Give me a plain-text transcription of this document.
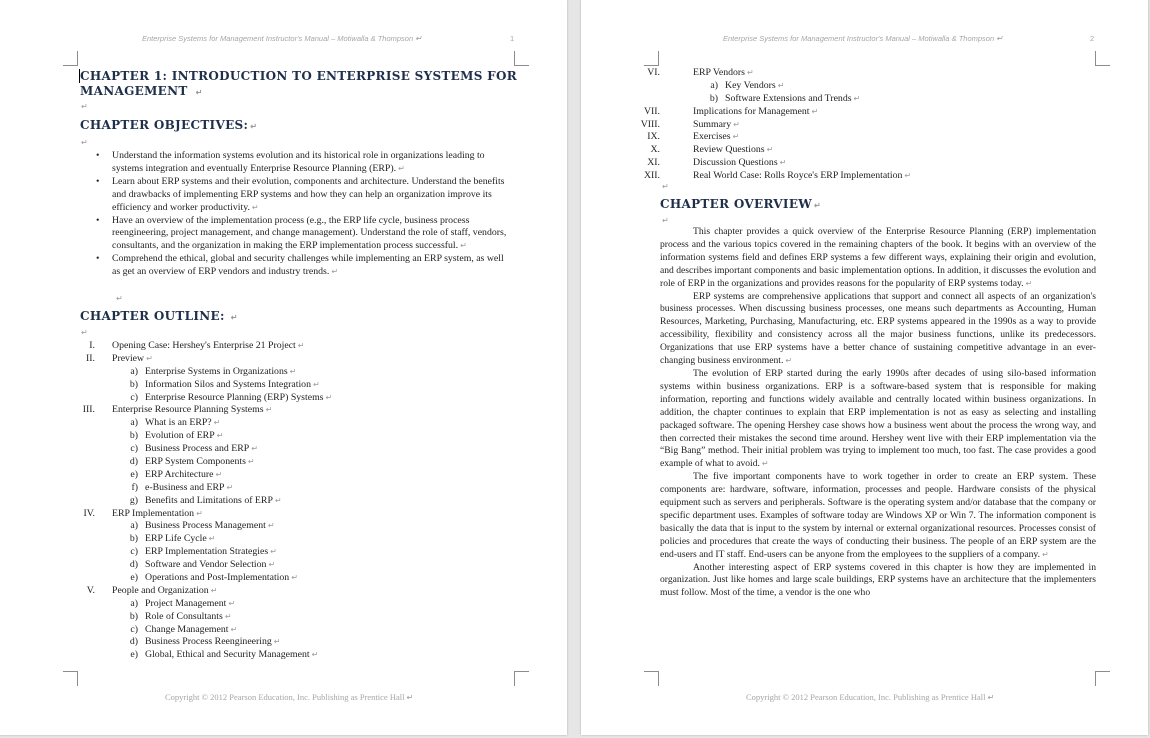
Enterprise Systems for Management Instructor's Manual – Motiwalla & Thompson ↵	1
CHAPTER 1: INTRODUCTION TO ENTERPRISE SYSTEMS FOR
MANAGEMENT ↵
↵
CHAPTER OBJECTIVES: ↵
↵
• Understand the information systems evolution and its historical role in organizations leading to systems integration and eventually Enterprise Resource Planning (ERP). ↵
• Learn about ERP systems and their evolution, components and architecture. Understand the benefits and drawbacks of implementing ERP systems and how they can help an organization improve its efficiency and worker productivity. ↵
• Have an overview of the implementation process (e.g., the ERP life cycle, business process reengineering, project management, and change management). Understand the role of staff, vendors, consultants, and the organization in making the ERP implementation process successful. ↵
• Comprehend the ethical, global and security challenges while implementing an ERP system, as well as get an overview of ERP vendors and industry trends. ↵
↵
CHAPTER OUTLINE: ↵
↵
I. Opening Case: Hershey's Enterprise 21 Project ↵
II. Preview ↵
a) Enterprise Systems in Organizations ↵
b) Information Silos and Systems Integration ↵
c) Enterprise Resource Planning (ERP) Systems ↵
III. Enterprise Resource Planning Systems ↵
a) What is an ERP? ↵
b) Evolution of ERP ↵
c) Business Process and ERP ↵
d) ERP System Components ↵
e) ERP Architecture ↵
f) e-Business and ERP ↵
g) Benefits and Limitations of ERP ↵
IV. ERP Implementation ↵
a) Business Process Management ↵
b) ERP Life Cycle ↵
c) ERP Implementation Strategies ↵
d) Software and Vendor Selection ↵
e) Operations and Post-Implementation ↵
V. People and Organization ↵
a) Project Management ↵
b) Role of Consultants ↵
c) Change Management ↵
d) Business Process Reengineering ↵
e) Global, Ethical and Security Management ↵
Copyright © 2012 Pearson Education, Inc. Publishing as Prentice Hall ↵
Enterprise Systems for Management Instructor's Manual – Motiwalla & Thompson ↵	2
VI.	ERP Vendors ↵
a) Key Vendors ↵
b) Software Extensions and Trends ↵
VII.	Implications for Management ↵
VIII.	Summary ↵
IX.	Exercises ↵
X.	Review Questions ↵
XI.	Discussion Questions ↵
XII.	Real World Case: Rolls Royce's ERP Implementation ↵
↵
CHAPTER OVERVIEW ↵
↵
Copyright © 2012 Pearson Education, Inc. Publishing as Prentice Hall ↵

This chapter provides a quick overview of the Enterprise Resource Planning (ERP) implementation process and the various topics covered in the remaining chapters of the book. It begins with an overview of the information systems field and defines ERP systems a few different ways, explaining their origin and evolution, and describes important components and basic implementation options. In addition, it discusses the evolution and role of ERP in the organizations and provides reasons for the popularity of ERP systems today. ↵

ERP systems are comprehensive applications that support and connect all aspects of an organization's business processes. When discussing business processes, one means such departments as Accounting, Human Resources, Marketing, Purchasing, Manufacturing, etc. ERP systems appeared in the 1990s as a way to provide accessibility, flexibility and consistency across all the major business functions, unlike its predecessors. Organizations that use ERP systems have a better chance of sustaining competitive advantage in an ever-changing business environment. ↵

The evolution of ERP started during the early 1990s after decades of using silo-based information systems within business organizations. ERP is a software-based system that is responsible for making information, reporting and functions widely available and centrally located within business organizations. In addition, the chapter continues to explain that ERP implementation is not as easy as selecting and installing packaged software. The opening Hershey case shows how a business went about the process the wrong way, and then corrected their mistakes the second time around. Hershey went live with their ERP implementation via the “Big Bang” method. Their initial problem was trying to implement too much, too fast. The case provides a good example of what to avoid. ↵

The five important components have to work together in order to create an ERP system. These components are: hardware, software, information, processes and people. Hardware consists of the physical equipment such as servers and peripherals. Software is the operating system and/or database that the company or specific department uses. Examples of software today are Windows XP or Win 7. The information component is basically the data that is input to the system by internal or external organizational resources. Processes consist of policies and procedures that create the ways of conducting their business. The people of an ERP system are the end-users and IT staff. End-users can be anyone from the employees to the suppliers of a company. ↵

Another interesting aspect of ERP systems covered in this chapter is how they are implemented in organization. Just like homes and large scale buildings, ERP systems have an architecture that the implementers must follow. Most of the time, a vendor is the one who
